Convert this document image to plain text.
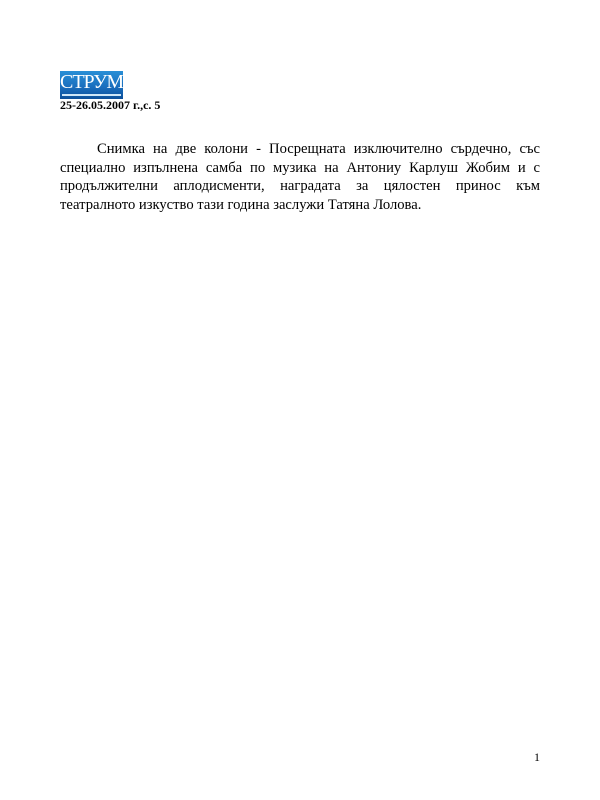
СТРУМА
25-26.05.2007 г.,с. 5

Снимка на две колони - Посрещната изключително сърдечно, със специално изпълнена самба по музика на Антониу Карлуш Жобим и с продължителни аплодисменти, наградата за цялостен принос към театралното изкуство тази година заслужи Татяна Лолова.

1
